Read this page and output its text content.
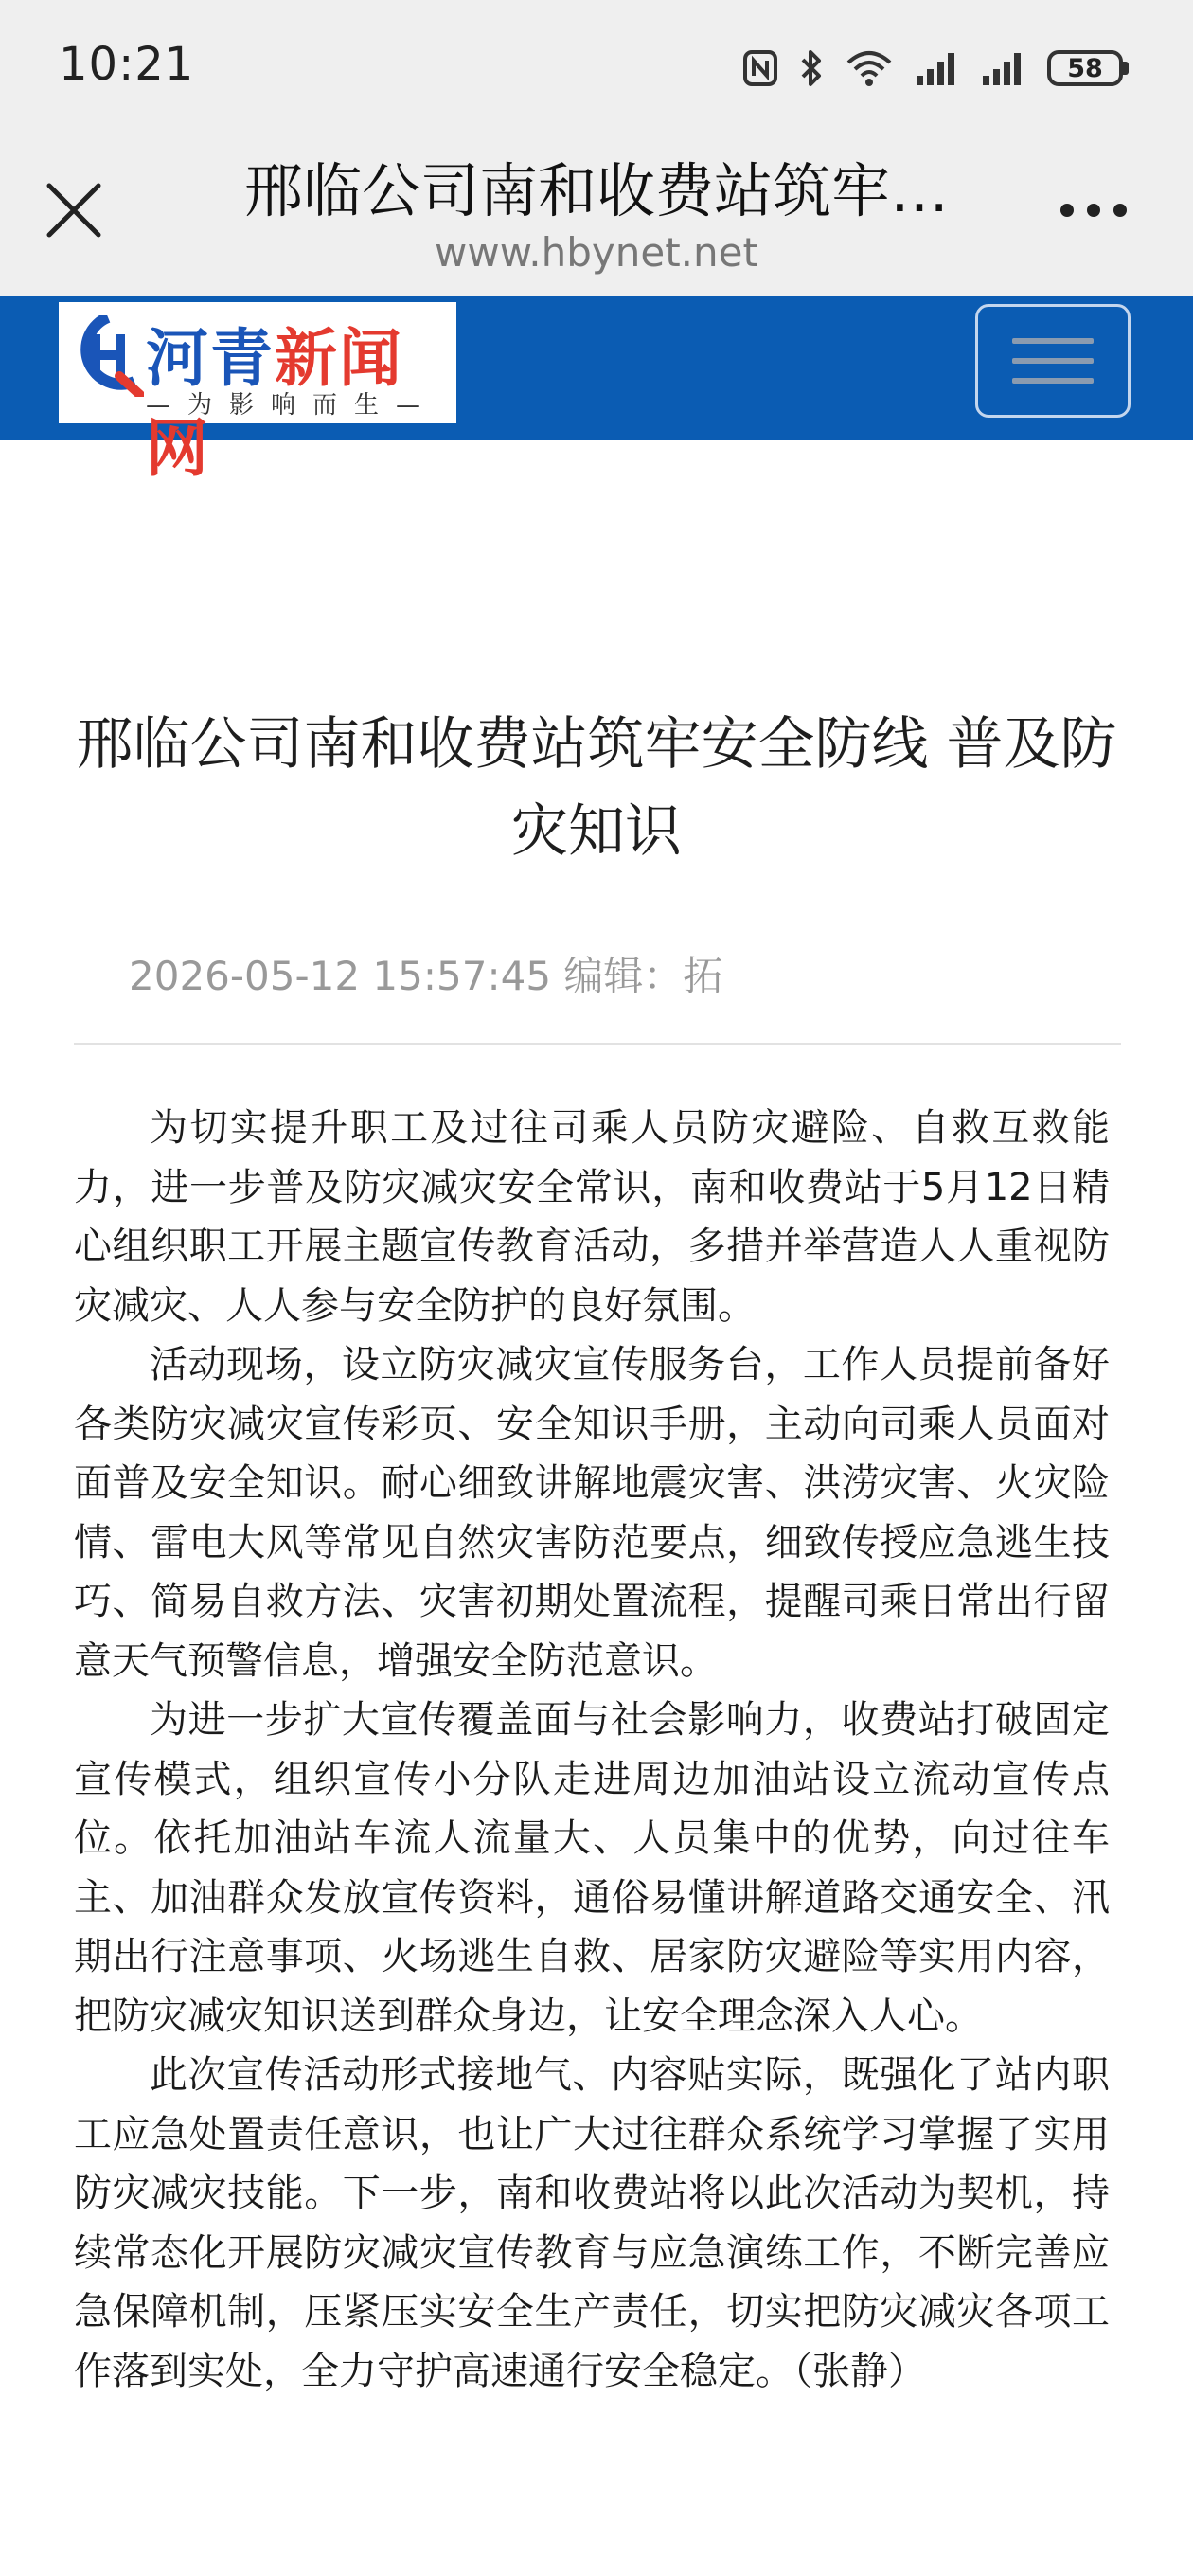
10:21	58
邢临公司南和收费站筑牢…
www.hbynet.net
河青新闻网
—为影响而生—
邢临公司南和收费站筑牢安全防线 普及防灾知识
2026-05-12 15:57:45 编辑：拓

为切实提升职工及过往司乘人员防灾避险、自救互救能力，进一步普及防灾减灾安全常识，南和收费站于5月12日精心组织职工开展主题宣传教育活动，多措并举营造人人重视防灾减灾、人人参与安全防护的良好氛围。

活动现场，设立防灾减灾宣传服务台，工作人员提前备好各类防灾减灾宣传彩页、安全知识手册，主动向司乘人员面对面普及安全知识。耐心细致讲解地震灾害、洪涝灾害、火灾险情、雷电大风等常见自然灾害防范要点，细致传授应急逃生技巧、简易自救方法、灾害初期处置流程，提醒司乘日常出行留意天气预警信息，增强安全防范意识。

为进一步扩大宣传覆盖面与社会影响力，收费站打破固定宣传模式，组织宣传小分队走进周边加油站设立流动宣传点位。依托加油站车流人流量大、人员集中的优势，向过往车主、加油群众发放宣传资料，通俗易懂讲解道路交通安全、汛期出行注意事项、火场逃生自救、居家防灾避险等实用内容，把防灾减灾知识送到群众身边，让安全理念深入人心。

此次宣传活动形式接地气、内容贴实际，既强化了站内职工应急处置责任意识，也让广大过往群众系统学习掌握了实用防灾减灾技能。下一步，南和收费站将以此次活动为契机，持续常态化开展防灾减灾宣传教育与应急演练工作，不断完善应急保障机制，压紧压实安全生产责任，切实把防灾减灾各项工作落到实处，全力守护高速通行安全稳定。（张静）
